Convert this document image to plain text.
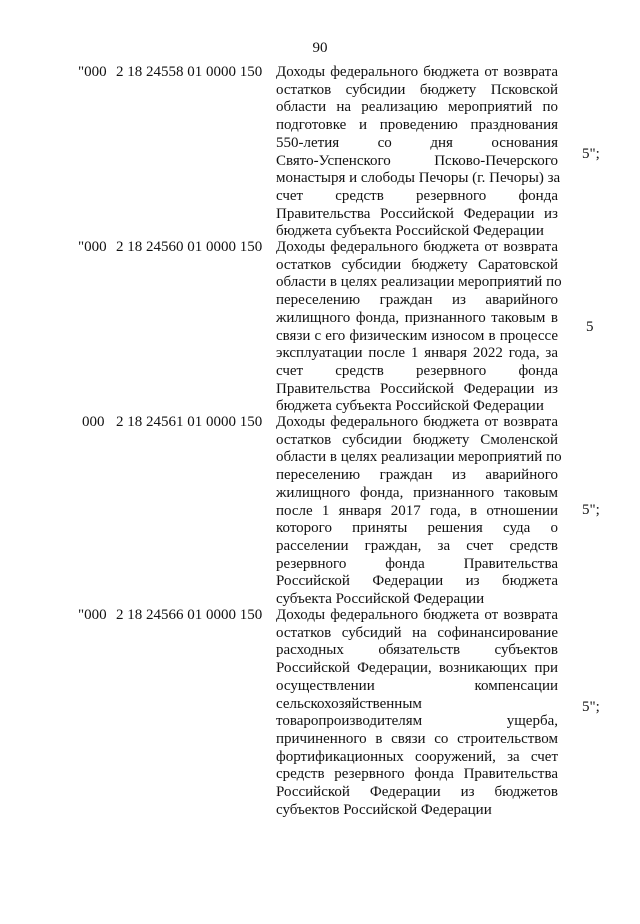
90
"000 2 18 24558 01 0000 150 Доходы федерального бюджета от возврата
остатков субсидии бюджету Псковской
области на реализацию мероприятий по
подготовке и проведению празднования
550-летия со дня основания
Свято-Успенского Псково-Печерского
монастыря и слободы Печоры (г. Печоры) за
счет средств резервного фонда
Правительства Российской Федерации из
бюджета субъекта Российской Федерации
5";
"000 2 18 24560 01 0000 150 Доходы федерального бюджета от возврата
остатков субсидии бюджету Саратовской
области в целях реализации мероприятий по
переселению граждан из аварийного
жилищного фонда, признанного таковым в
связи с его физическим износом в процессе
эксплуатации после 1 января 2022 года, за
счет средств резервного фонда
Правительства Российской Федерации из
бюджета субъекта Российской Федерации
5
000 2 18 24561 01 0000 150 Доходы федерального бюджета от возврата
остатков субсидии бюджету Смоленской
области в целях реализации мероприятий по
переселению граждан из аварийного
жилищного фонда, признанного таковым
после 1 января 2017 года, в отношении
которого приняты решения суда о
расселении граждан, за счет средств
резервного фонда Правительства
Российской Федерации из бюджета
субъекта Российской Федерации
5";
"000 2 18 24566 01 0000 150 Доходы федерального бюджета от возврата
остатков субсидий на софинансирование
расходных обязательств субъектов
Российской Федерации, возникающих при
осуществлении компенсации
сельскохозяйственным
товаропроизводителям ущерба,
причиненного в связи со строительством
фортификационных сооружений, за счет
средств резервного фонда Правительства
Российской Федерации из бюджетов
субъектов Российской Федерации
5";
